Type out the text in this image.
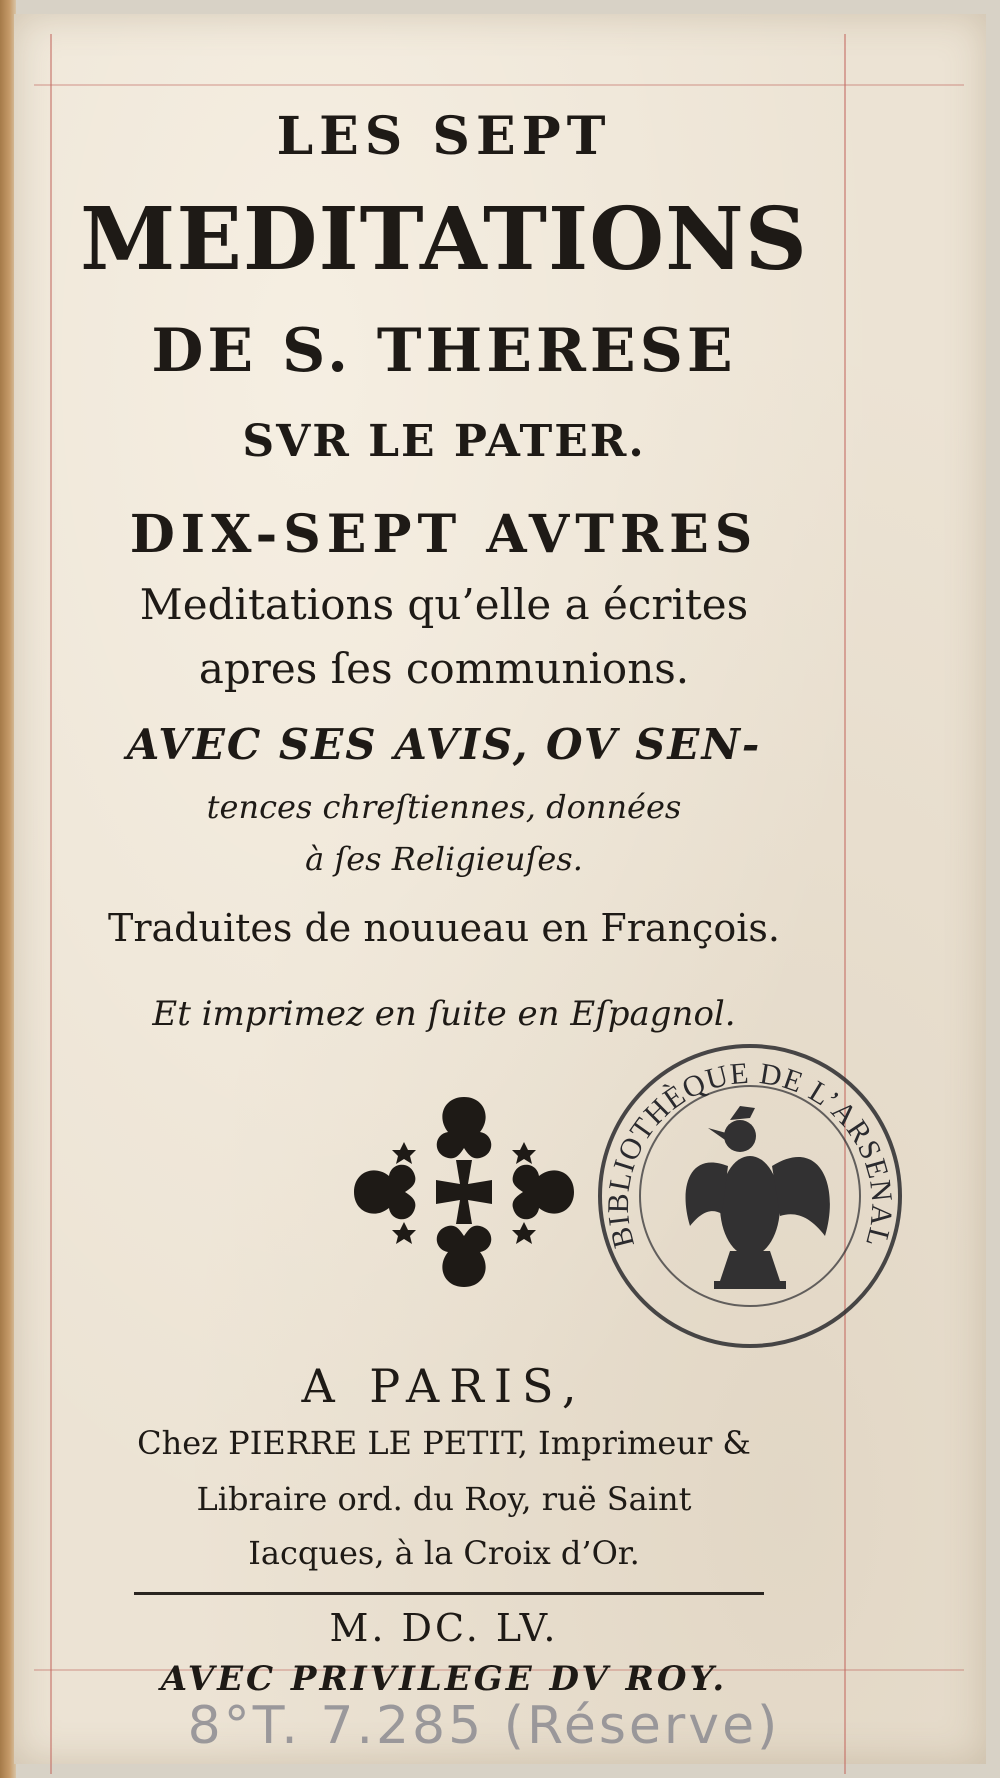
LES SEPT

MEDITATIONS

DE S. THERESE

SVR LE PATER.

DIX-SEPT AVTRES

Meditations qu’elle a écrites

apres ſes communions.

AVEC SES AVIS, OV SEN-

tences chreſtiennes, données

à ſes Religieuſes.

Traduites de nouueau en François.

Et imprimez en ſuite en Eſpagnol.

BIBLIOTHÈQUE DE L’ARSENAL

A PARIS,

Chez PIERRE LE PETIT, Imprimeur &

Libraire ord. du Roy, ruë Saint

Iacques, à la Croix d’Or.

M. DC. LV.

AVEC PRIVILEGE DV ROY.

8°T. 7.285 (Réserve)
